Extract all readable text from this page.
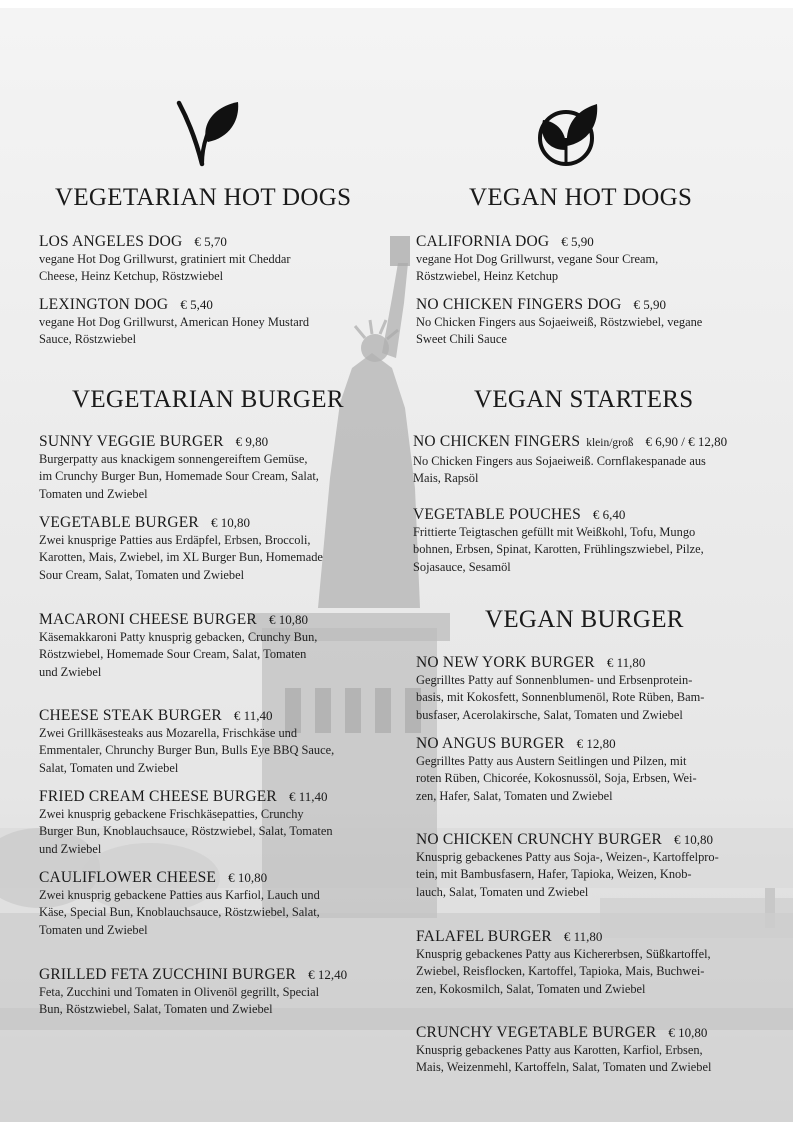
VEGETARIAN HOT DOGS	VEGAN HOT DOGS
VEGETARIAN BURGER	VEGAN STARTERS
VEGAN BURGER
LOS ANGELES DOG € 5,70

vegane Hot Dog Grillwurst, gratiniert mit Cheddar
Cheese, Heinz Ketchup, Röstzwiebel

LEXINGTON DOG € 5,40

vegane Hot Dog Grillwurst, American Honey Mustard
Sauce, Röstzwiebel

CALIFORNIA DOG € 5,90

vegane Hot Dog Grillwurst, vegane Sour Cream,
Röstzwiebel, Heinz Ketchup

NO CHICKEN FINGERS DOG € 5,90

No Chicken Fingers aus Sojaeiweiß, Röstzwiebel, vegane
Sweet Chili Sauce

SUNNY VEGGIE BURGER € 9,80

Burgerpatty aus knackigem sonnengereiftem Gemüse,
im Crunchy Burger Bun, Homemade Sour Cream, Salat,
Tomaten und Zwiebel

VEGETABLE BURGER € 10,80

Zwei knusprige Patties aus Erdäpfel, Erbsen, Broccoli,
Karotten, Mais, Zwiebel, im XL Burger Bun, Homemade
Sour Cream, Salat, Tomaten und Zwiebel

MACARONI CHEESE BURGER € 10,80

Käsemakkaroni Patty knusprig gebacken, Crunchy Bun,
Röstzwiebel, Homemade Sour Cream, Salat, Tomaten
und Zwiebel

CHEESE STEAK BURGER € 11,40

Zwei Grillkäsesteaks aus Mozarella, Frischkäse und
Emmentaler, Chrunchy Burger Bun, Bulls Eye BBQ Sauce,
Salat, Tomaten und Zwiebel

FRIED CREAM CHEESE BURGER € 11,40

Zwei knusprig gebackene Frischkäsepatties, Crunchy
Burger Bun, Knoblauchsauce, Röstzwiebel, Salat, Tomaten
und Zwiebel

CAULIFLOWER CHEESE € 10,80

Zwei knusprig gebackene Patties aus Karfiol, Lauch und
Käse, Special Bun, Knoblauchsauce, Röstzwiebel, Salat,
Tomaten und Zwiebel

GRILLED FETA ZUCCHINI BURGER € 12,40

Feta, Zucchini und Tomaten in Olivenöl gegrillt, Special
Bun, Röstzwiebel, Salat, Tomaten und Zwiebel

NO CHICKEN FINGERS klein/groß € 6,90 / € 12,80

No Chicken Fingers aus Sojaeiweiß. Cornflakespanade aus
Mais, Rapsöl

VEGETABLE POUCHES € 6,40

Frittierte Teigtaschen gefüllt mit Weißkohl, Tofu, Mungo
bohnen, Erbsen, Spinat, Karotten, Frühlingszwiebel, Pilze,
Sojasauce, Sesamöl

NO NEW YORK BURGER € 11,80

Gegrilltes Patty auf Sonnenblumen- und Erbsenprotein-
basis, mit Kokosfett, Sonnenblumenöl, Rote Rüben, Bam-
busfaser, Acerolakirsche, Salat, Tomaten und Zwiebel

NO ANGUS BURGER € 12,80

Gegrilltes Patty aus Austern Seitlingen und Pilzen, mit
roten Rüben, Chicorée, Kokosnussöl, Soja, Erbsen, Wei-
zen, Hafer, Salat, Tomaten und Zwiebel

NO CHICKEN CRUNCHY BURGER € 10,80

Knusprig gebackenes Patty aus Soja-, Weizen-, Kartoffelpro-
tein, mit Bambusfasern, Hafer, Tapioka, Weizen, Knob-
lauch, Salat, Tomaten und Zwiebel

FALAFEL BURGER € 11,80

Knusprig gebackenes Patty aus Kichererbsen, Süßkartoffel,
Zwiebel, Reisflocken, Kartoffel, Tapioka, Mais, Buchwei-
zen, Kokosmilch, Salat, Tomaten und Zwiebel

CRUNCHY VEGETABLE BURGER € 10,80

Knusprig gebackenes Patty aus Karotten, Karfiol, Erbsen,
Mais, Weizenmehl, Kartoffeln, Salat, Tomaten und Zwiebel
